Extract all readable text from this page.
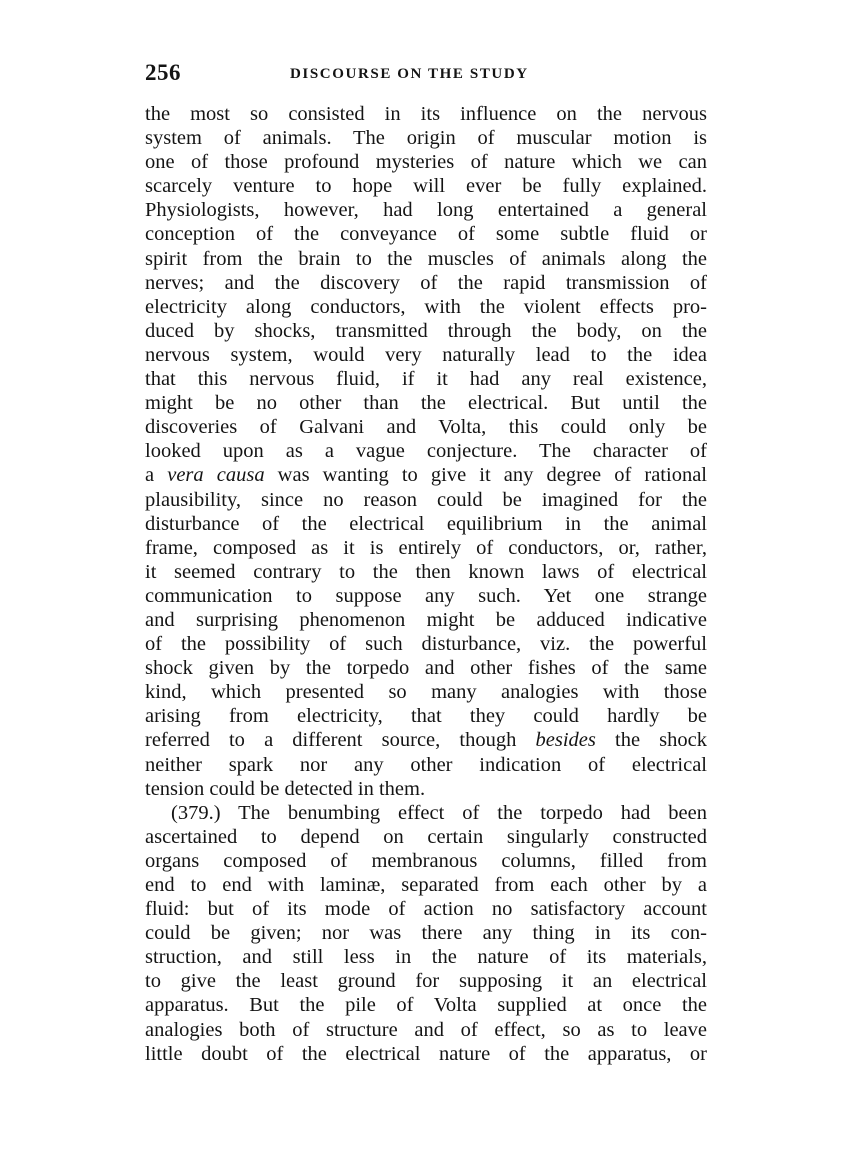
256	DISCOURSE ON THE STUDY
the most so consisted in its influence on the nervous
system of animals. The origin of muscular motion is
one of those profound mysteries of nature which we can
scarcely venture to hope will ever be fully explained.
Physiologists, however, had long entertained a general
conception of the conveyance of some subtle fluid or
spirit from the brain to the muscles of animals along the
nerves; and the discovery of the rapid transmission of
electricity along conductors, with the violent effects pro-
duced by shocks, transmitted through the body, on the
nervous system, would very naturally lead to the idea
that this nervous fluid, if it had any real existence,
might be no other than the electrical. But until the
discoveries of Galvani and Volta, this could only be
looked upon as a vague conjecture. The character of
a vera causa was wanting to give it any degree of rational
plausibility, since no reason could be imagined for the
disturbance of the electrical equilibrium in the animal
frame, composed as it is entirely of conductors, or, rather,
it seemed contrary to the then known laws of electrical
communication to suppose any such. Yet one strange
and surprising phenomenon might be adduced indicative
of the possibility of such disturbance, viz. the powerful
shock given by the torpedo and other fishes of the same
kind, which presented so many analogies with those
arising from electricity, that they could hardly be
referred to a different source, though besides the shock
neither spark nor any other indication of electrical
tension could be detected in them.
(379.) The benumbing effect of the torpedo had been
ascertained to depend on certain singularly constructed
organs composed of membranous columns, filled from
end to end with laminæ, separated from each other by a
fluid: but of its mode of action no satisfactory account
could be given; nor was there any thing in its con-
struction, and still less in the nature of its materials,
to give the least ground for supposing it an electrical
apparatus. But the pile of Volta supplied at once the
analogies both of structure and of effect, so as to leave
little doubt of the electrical nature of the apparatus, or
